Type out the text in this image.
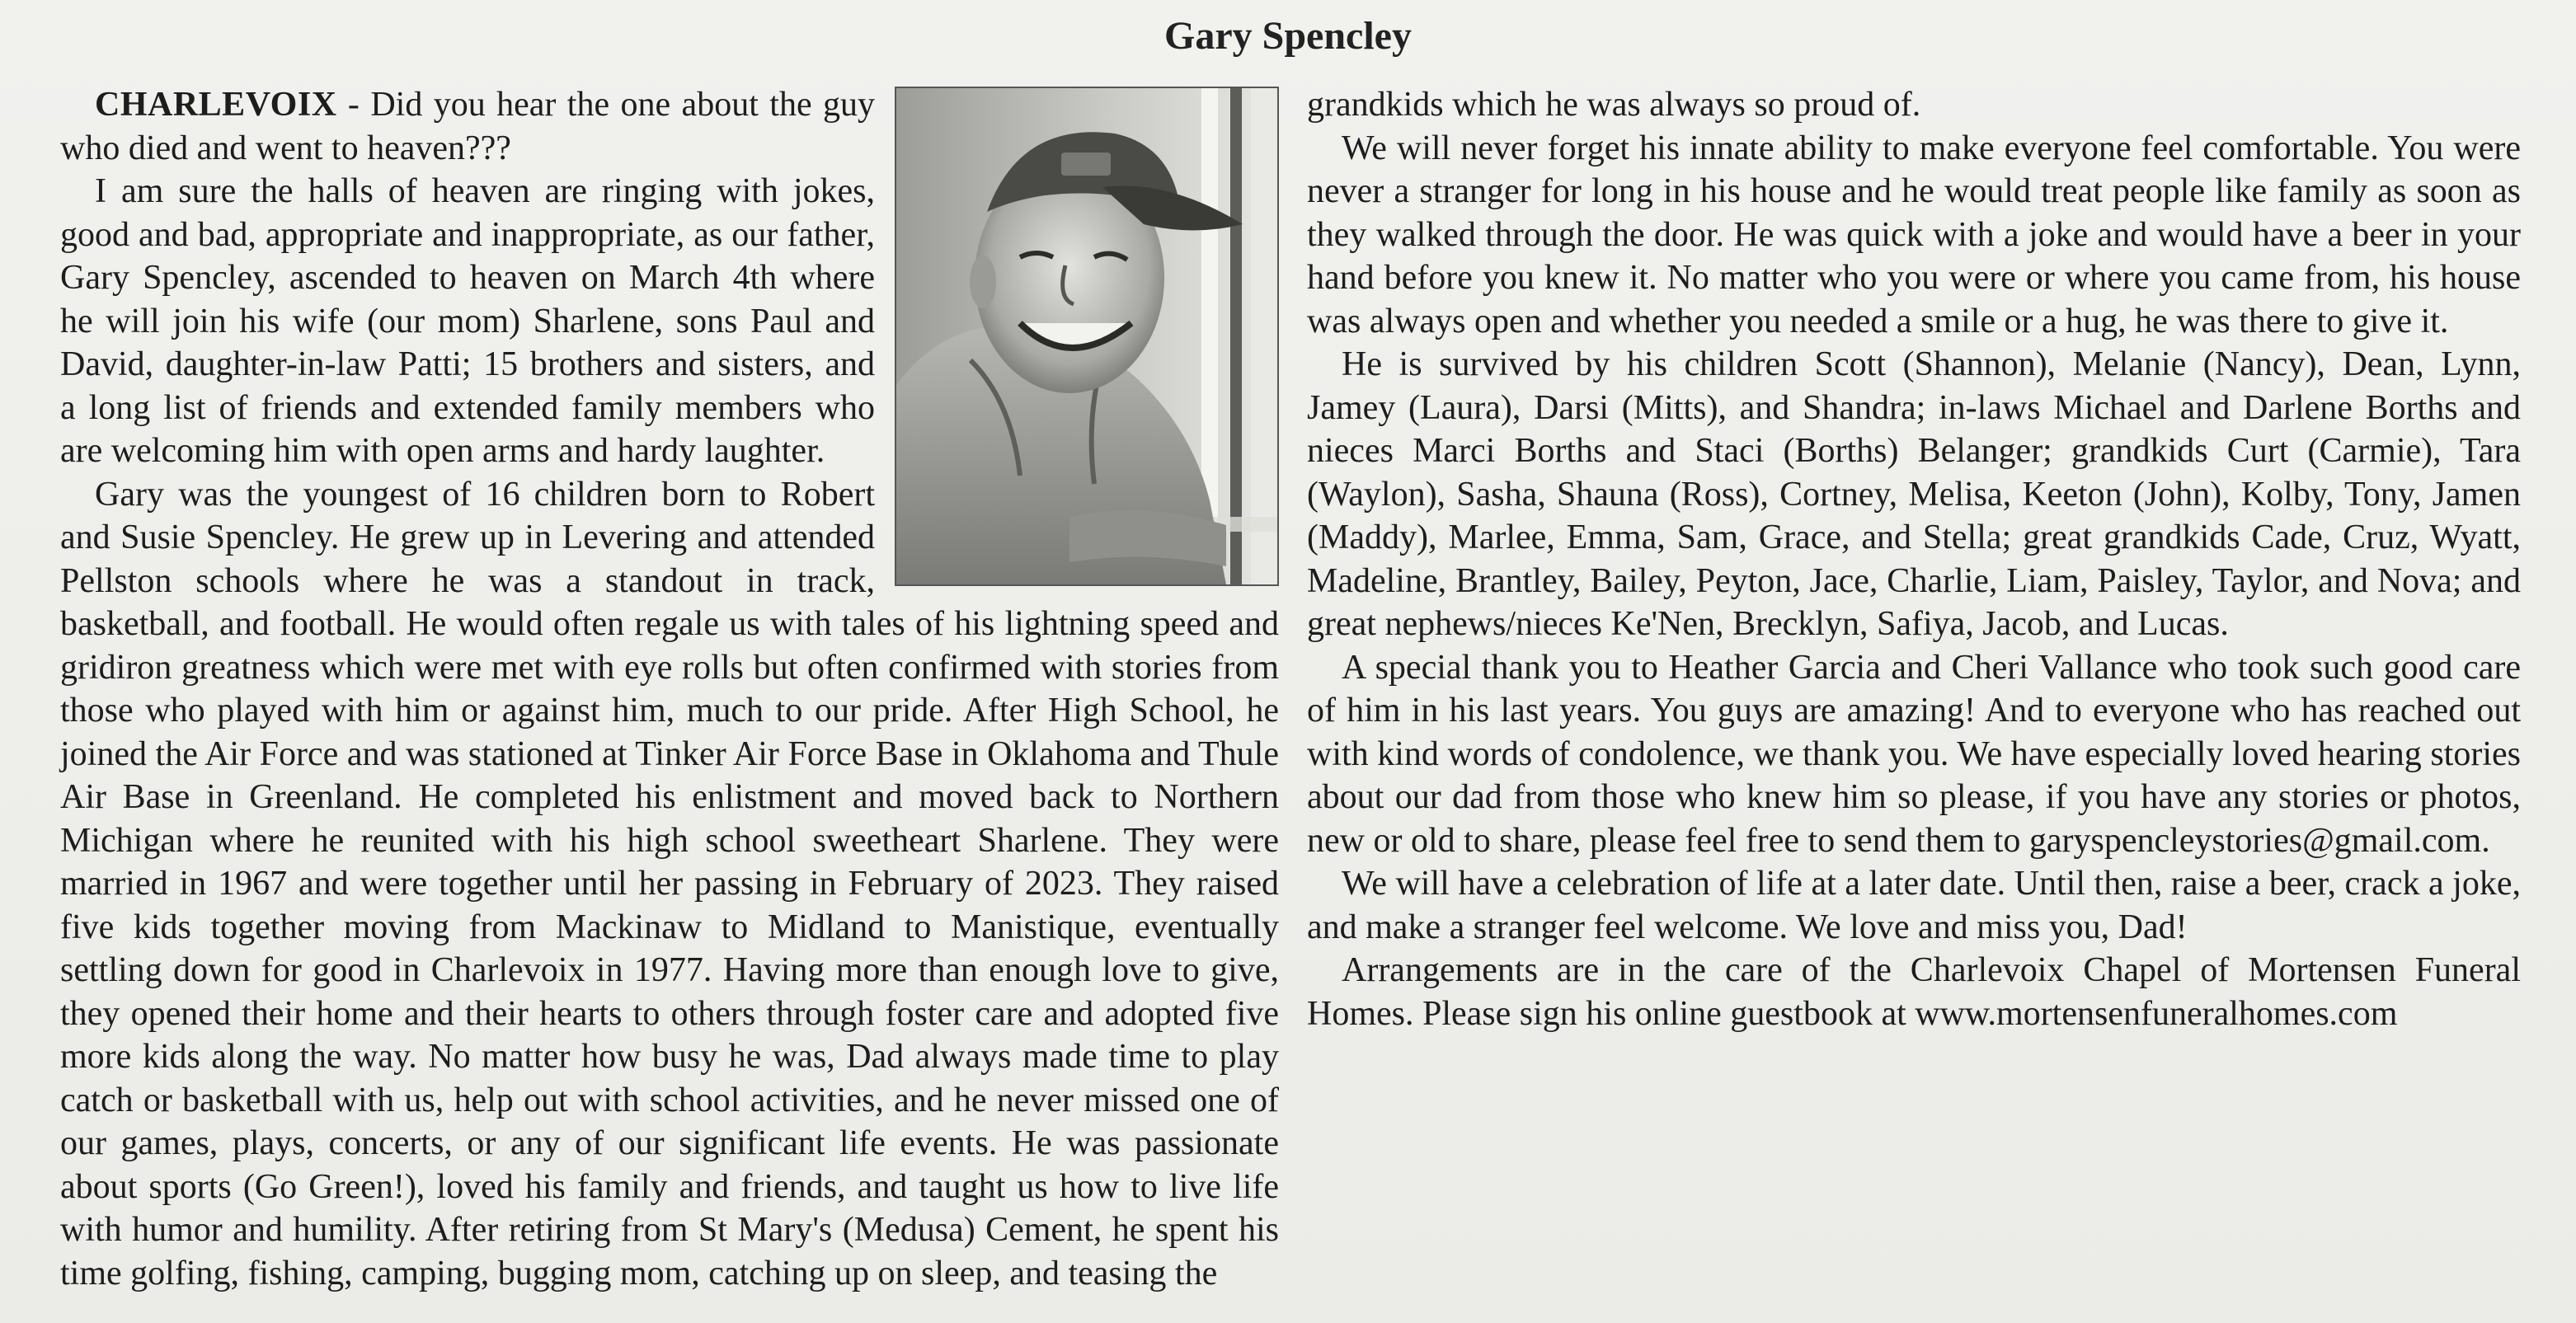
Gary Spencley

CHARLEVOIX - Did you hear the one about the guy who died and went to heaven???

I am sure the halls of heaven are ringing with jokes, good and bad, appropriate and inappropriate, as our father, Gary Spencley, ascended to heaven on March 4th where he will join his wife (our mom) Sharlene, sons Paul and David, daughter-in-law Patti; 15 brothers and sisters, and a long list of friends and extended family members who are welcoming him with open arms and hardy laughter.

Gary was the youngest of 16 children born to Robert and Susie Spencley. He grew up in Levering and attended Pellston schools where he was a standout in track, basketball, and football. He would often regale us with tales of his lightning speed and gridiron greatness which were met with eye rolls but often confirmed with stories from those who played with him or against him, much to our pride. After High School, he joined the Air Force and was stationed at Tinker Air Force Base in Oklahoma and Thule Air Base in Greenland. He completed his enlistment and moved back to Northern Michigan where he reunited with his high school sweetheart Sharlene. They were married in 1967 and were together until her passing in February of 2023. They raised five kids together moving from Mackinaw to Midland to Manistique, eventually settling down for good in Charlevoix in 1977. Having more than enough love to give, they opened their home and their hearts to others through foster care and adopted five more kids along the way. No matter how busy he was, Dad always made time to play catch or basketball with us, help out with school activities, and he never missed one of our games, plays, concerts, or any of our significant life events. He was passionate about sports (Go Green!), loved his family and friends, and taught us how to live life with humor and humility. After retiring from St Mary's (Medusa) Cement, he spent his time golfing, fishing, camping, bugging mom, catching up on sleep, and teasing the

grandkids which he was always so proud of.

We will never forget his innate ability to make everyone feel comfortable. You were never a stranger for long in his house and he would treat people like family as soon as they walked through the door. He was quick with a joke and would have a beer in your hand before you knew it. No matter who you were or where you came from, his house was always open and whether you needed a smile or a hug, he was there to give it.

He is survived by his children Scott (Shannon), Melanie (Nancy), Dean, Lynn, Jamey (Laura), Darsi (Mitts), and Shandra; in-laws Michael and Darlene Borths and nieces Marci Borths and Staci (Borths) Belanger; grandkids Curt (Carmie), Tara (Waylon), Sasha, Shauna (Ross), Cortney, Melisa, Keeton (John), Kolby, Tony, Jamen (Maddy), Marlee, Emma, Sam, Grace, and Stella; great grandkids Cade, Cruz, Wyatt, Madeline, Brantley, Bailey, Peyton, Jace, Charlie, Liam, Paisley, Taylor, and Nova; and great nephews/nieces Ke'Nen, Brecklyn, Safiya, Jacob, and Lucas.

A special thank you to Heather Garcia and Cheri Vallance who took such good care of him in his last years. You guys are amazing! And to everyone who has reached out with kind words of condolence, we thank you. We have especially loved hearing stories about our dad from those who knew him so please, if you have any stories or photos, new or old to share, please feel free to send them to garyspencleystories@gmail.com.

We will have a celebration of life at a later date. Until then, raise a beer, crack a joke, and make a stranger feel welcome. We love and miss you, Dad!

Arrangements are in the care of the Charlevoix Chapel of Mortensen Funeral Homes. Please sign his online guestbook at www.mortensenfuneralhomes.com
